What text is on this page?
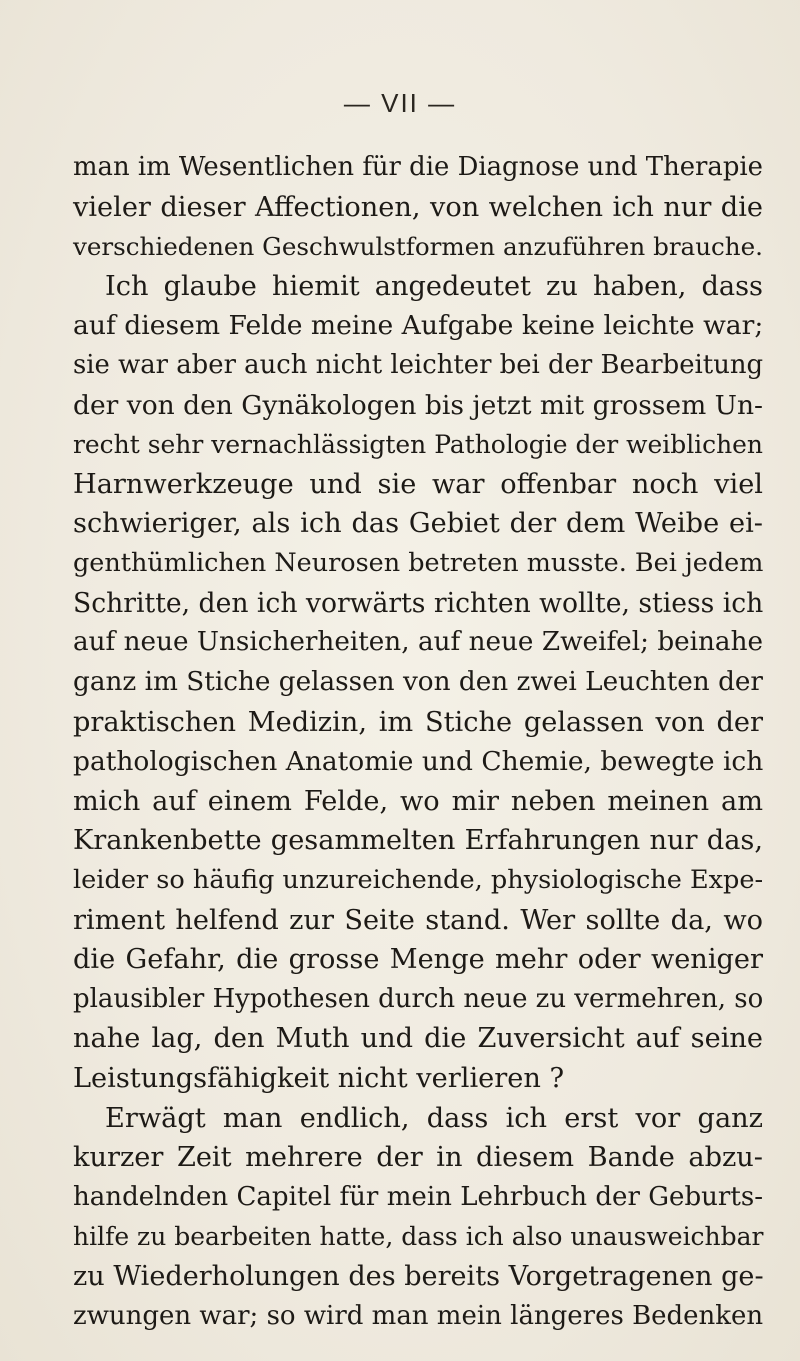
— VII —
man im Wesentlichen für die Diagnose und Therapie
vieler dieser Affectionen, von welchen ich nur die
verschiedenen Geschwulstformen anzuführen brauche.
Ich glaube hiemit angedeutet zu haben, dass
auf diesem Felde meine Aufgabe keine leichte war;
sie war aber auch nicht leichter bei der Bearbeitung
der von den Gynäkologen bis jetzt mit grossem Un-
recht sehr vernachlässigten Pathologie der weiblichen
Harnwerkzeuge und sie war offenbar noch viel
schwieriger, als ich das Gebiet der dem Weibe ei-
genthümlichen Neurosen betreten musste. Bei jedem
Schritte, den ich vorwärts richten wollte, stiess ich
auf neue Unsicherheiten, auf neue Zweifel; beinahe
ganz im Stiche gelassen von den zwei Leuchten der
praktischen Medizin, im Stiche gelassen von der
pathologischen Anatomie und Chemie, bewegte ich
mich auf einem Felde, wo mir neben meinen am
Krankenbette gesammelten Erfahrungen nur das,
leider so häufig unzureichende, physiologische Expe-
riment helfend zur Seite stand. Wer sollte da, wo
die Gefahr, die grosse Menge mehr oder weniger
plausibler Hypothesen durch neue zu vermehren, so
nahe lag, den Muth und die Zuversicht auf seine
Leistungsfähigkeit nicht verlieren ?
Erwägt man endlich, dass ich erst vor ganz
kurzer Zeit mehrere der in diesem Bande abzu-
handelnden Capitel für mein Lehrbuch der Geburts-
hilfe zu bearbeiten hatte, dass ich also unausweichbar
zu Wiederholungen des bereits Vorgetragenen ge-
zwungen war; so wird man mein längeres Bedenken
